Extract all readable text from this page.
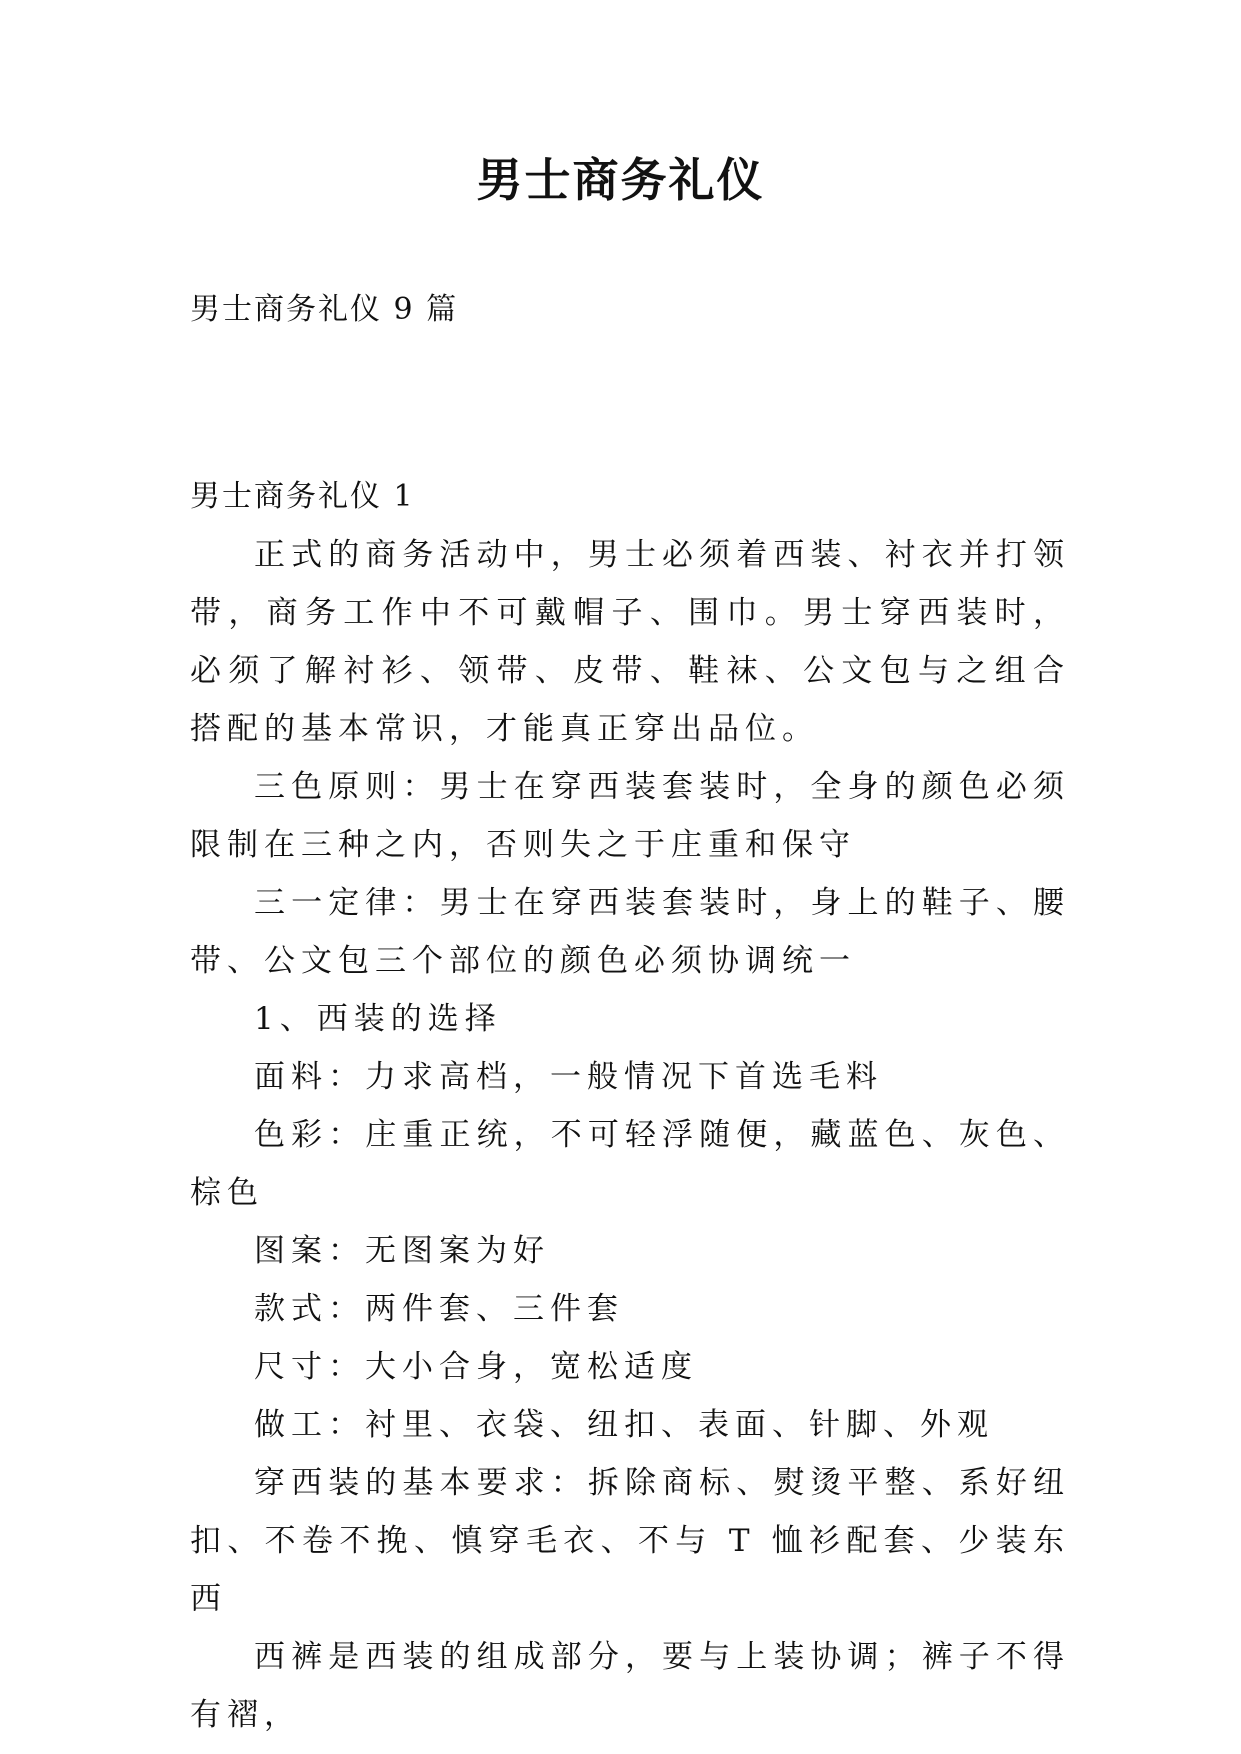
男士商务礼仪
男士商务礼仪 9 篇

男士商务礼仪 1

正式的商务活动中，男士必须着西装、衬衣并打领带，商务工作中不可戴帽子、围巾。男士穿西装时，必须了解衬衫、领带、皮带、鞋袜、公文包与之组合搭配的基本常识，才能真正穿出品位。

三色原则：男士在穿西装套装时，全身的颜色必须限制在三种之内，否则失之于庄重和保守

三一定律：男士在穿西装套装时，身上的鞋子、腰带、公文包三个部位的颜色必须协调统一

1、西装的选择

面料：力求高档，一般情况下首选毛料

色彩：庄重正统，不可轻浮随便，藏蓝色、灰色、棕色

图案：无图案为好

款式：两件套、三件套

尺寸：大小合身，宽松适度

做工：衬里、衣袋、纽扣、表面、针脚、外观

穿西装的基本要求：拆除商标、熨烫平整、系好纽扣、不卷不挽、慎穿毛衣、不与 T 恤衫配套、少装东西

西裤是西装的组成部分，要与上装协调；裤子不得有褶，
